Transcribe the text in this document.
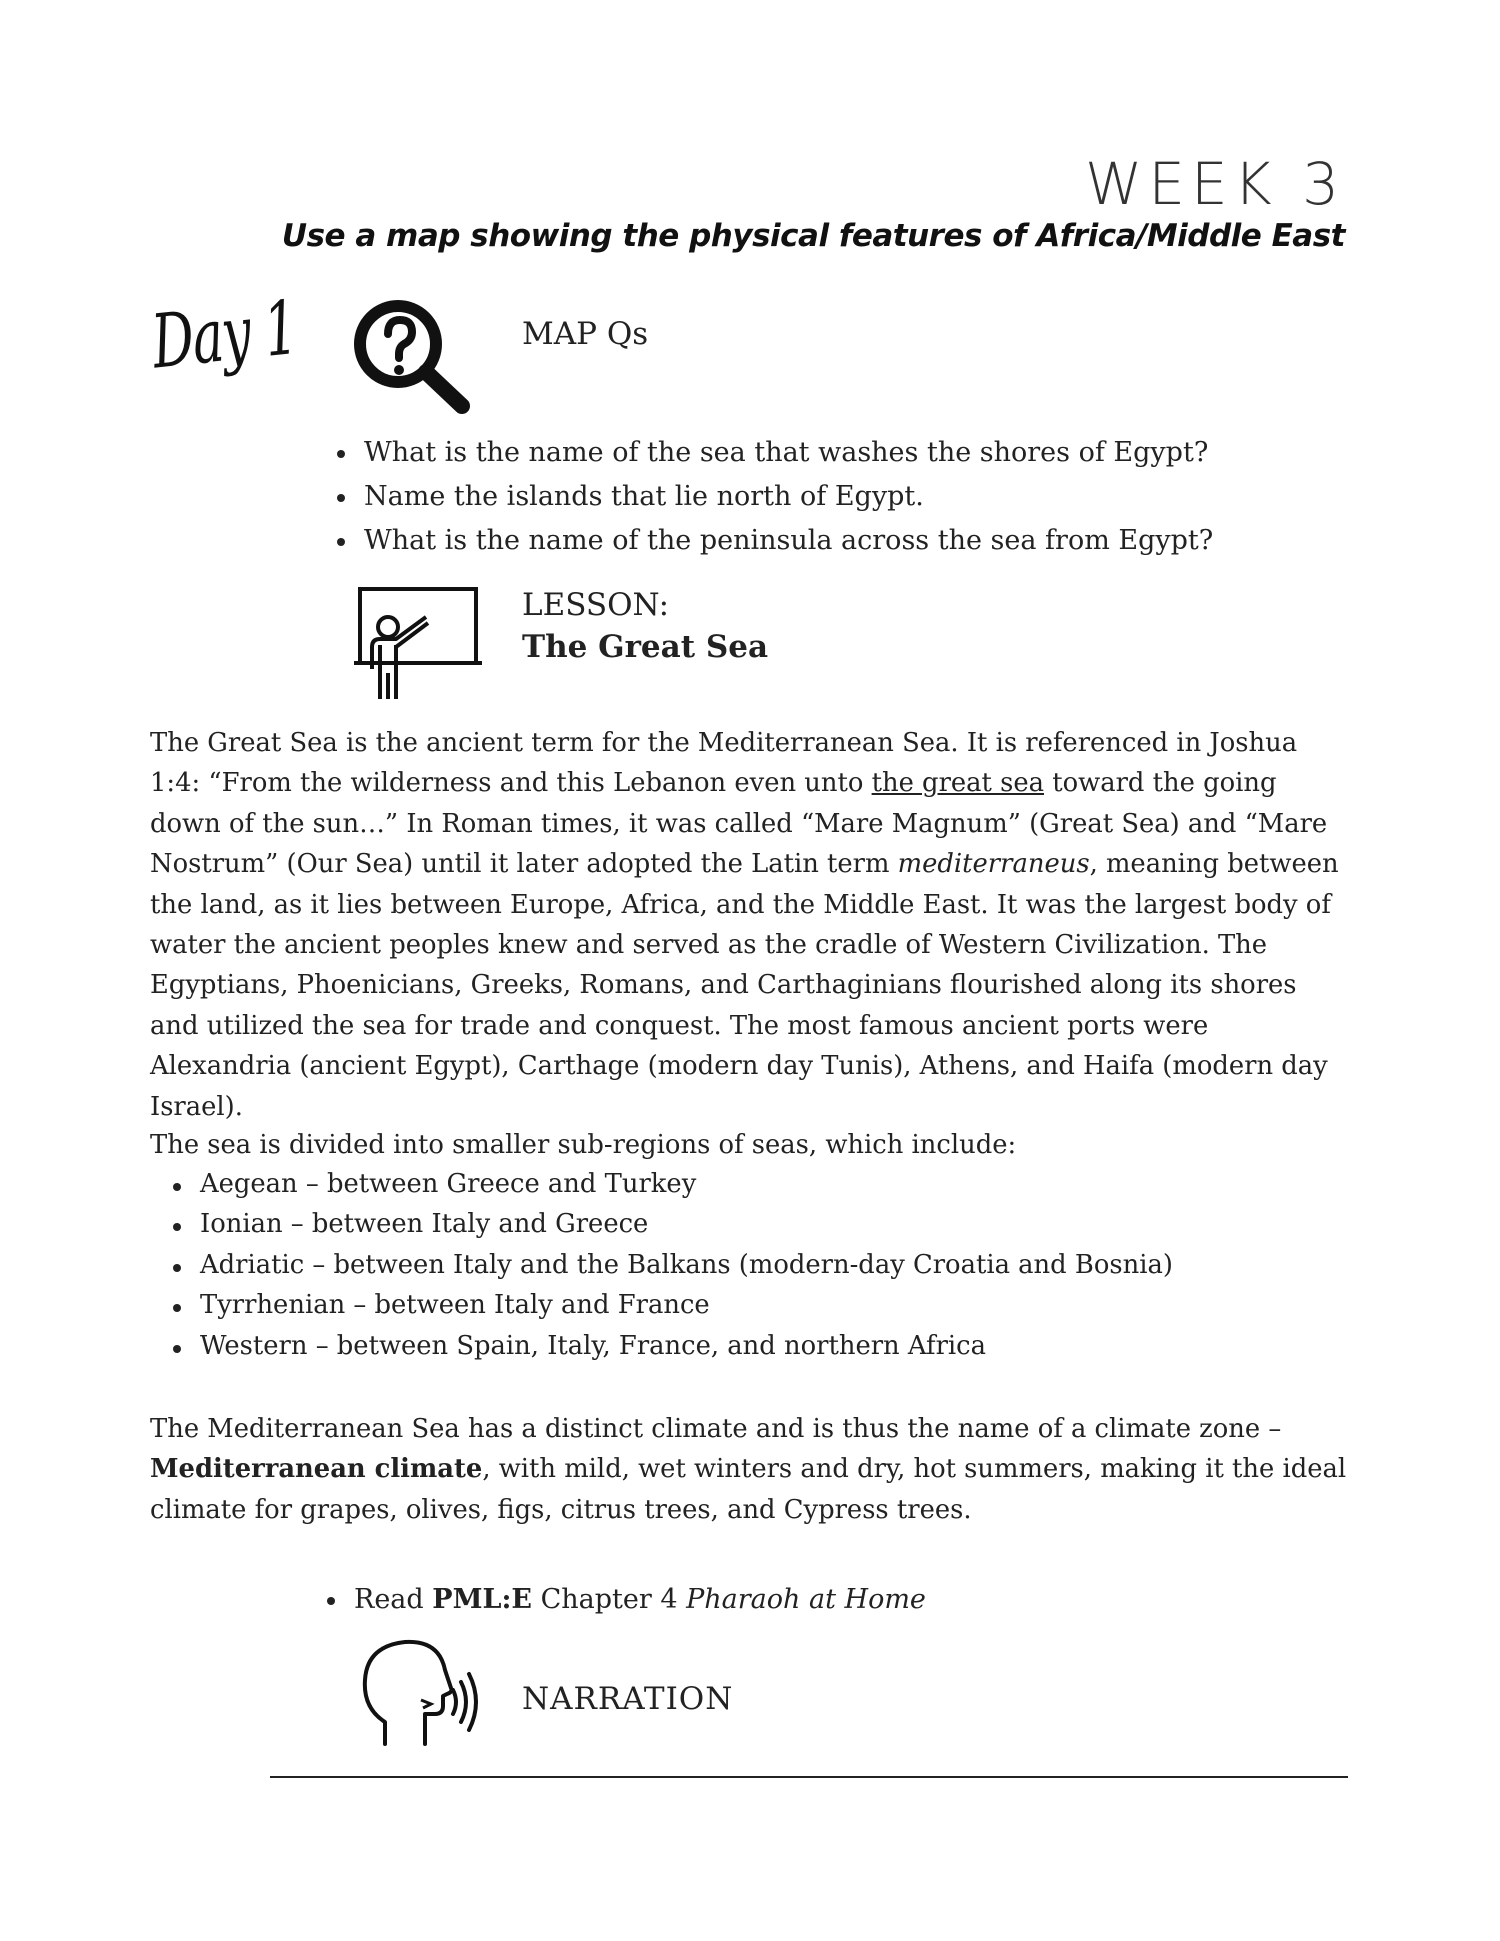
WEEK 3
Use a map showing the physical features of Africa/Middle East
Day 1	MAP Qs
What is the name of the sea that washes the shores of Egypt?
Name the islands that lie north of Egypt.
What is the name of the peninsula across the sea from Egypt?
LESSON:
The Great Sea

The Great Sea is the ancient term for the Mediterranean Sea. It is referenced in Joshua 1:4: “From the wilderness and this Lebanon even unto the great sea toward the going down of the sun…” In Roman times, it was called “Mare Magnum” (Great Sea) and “Mare Nostrum” (Our Sea) until it later adopted the Latin term mediterraneus, meaning between the land, as it lies between Europe, Africa, and the Middle East. It was the largest body of water the ancient peoples knew and served as the cradle of Western Civilization. The Egyptians, Phoenicians, Greeks, Romans, and Carthaginians flourished along its shores and utilized the sea for trade and conquest. The most famous ancient ports were Alexandria (ancient Egypt), Carthage (modern day Tunis), Athens, and Haifa (modern day Israel).

The sea is divided into smaller sub-regions of seas, which include:

Aegean – between Greece and Turkey
Ionian – between Italy and Greece
Adriatic – between Italy and the Balkans (modern-day Croatia and Bosnia)
Tyrrhenian – between Italy and France
Western – between Spain, Italy, France, and northern Africa

The Mediterranean Sea has a distinct climate and is thus the name of a climate zone – Mediterranean climate, with mild, wet winters and dry, hot summers, making it the ideal climate for grapes, olives, figs, citrus trees, and Cypress trees.

Read PML:E Chapter 4 Pharaoh at Home
NARRATION
